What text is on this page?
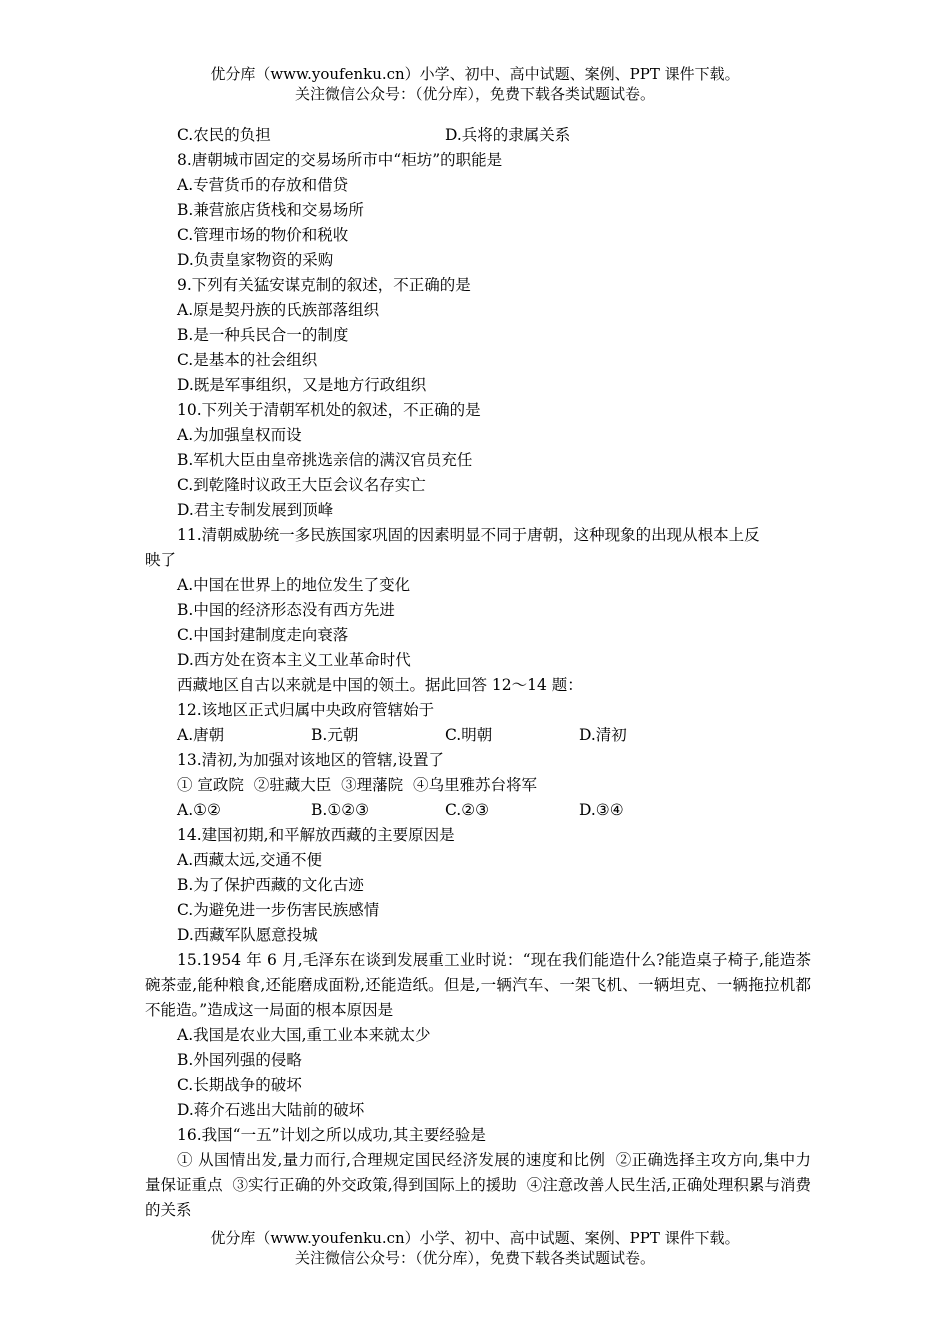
优分库（www.youfenku.cn）小学、初中、高中试题、案例、PPT 课件下载。
关注微信公众号：（优分库），免费下载各类试题试卷。
C.农民的负担	D.兵将的隶属关系
8.唐朝城市固定的交易场所市中“柜坊”的职能是
A.专营货币的存放和借贷
B.兼营旅店货栈和交易场所
C.管理市场的物价和税收
D.负责皇家物资的采购
9.下列有关猛安谋克制的叙述，不正确的是
A.原是契丹族的氏族部落组织
B.是一种兵民合一的制度
C.是基本的社会组织
D.既是军事组织，又是地方行政组织
10.下列关于清朝军机处的叙述，不正确的是
A.为加强皇权而设
B.军机大臣由皇帝挑选亲信的满汉官员充任
C.到乾隆时议政王大臣会议名存实亡
D.君主专制发展到顶峰
11.清朝威胁统一多民族国家巩固的因素明显不同于唐朝，这种现象的出现从根本上反
映了
A.中国在世界上的地位发生了变化
B.中国的经济形态没有西方先进
C.中国封建制度走向衰落
D.西方处在资本主义工业革命时代
西藏地区自古以来就是中国的领土。据此回答 12～14 题：
12.该地区正式归属中央政府管辖始于
A.唐朝	B.元朝	C.明朝	D.清初
13.清初,为加强对该地区的管辖,设置了
① 宣政院  ②驻藏大臣  ③理藩院  ④乌里雅苏台将军
A.①②	B.①②③	C.②③	D.③④
14.建国初期,和平解放西藏的主要原因是
A.西藏太远,交通不便
B.为了保护西藏的文化古迹
C.为避免进一步伤害民族感情
D.西藏军队愿意投城
15.1954 年 6 月,毛泽东在谈到发展重工业时说：“现在我们能造什么?能造桌子椅子,能造茶碗茶壶,能种粮食,还能磨成面粉,还能造纸。但是,一辆汽车、一架飞机、一辆坦克、一辆拖拉机都不能造。”造成这一局面的根本原因是
A.我国是农业大国,重工业本来就太少
B.外国列强的侵略
C.长期战争的破坏
D.蒋介石逃出大陆前的破坏
16.我国“一五”计划之所以成功,其主要经验是
① 从国情出发,量力而行,合理规定国民经济发展的速度和比例  ②正确选择主攻方向,集中力量保证重点  ③实行正确的外交政策,得到国际上的援助  ④注意改善人民生活,正确处理积累与消费的关系
优分库（www.youfenku.cn）小学、初中、高中试题、案例、PPT 课件下载。
关注微信公众号：（优分库），免费下载各类试题试卷。
